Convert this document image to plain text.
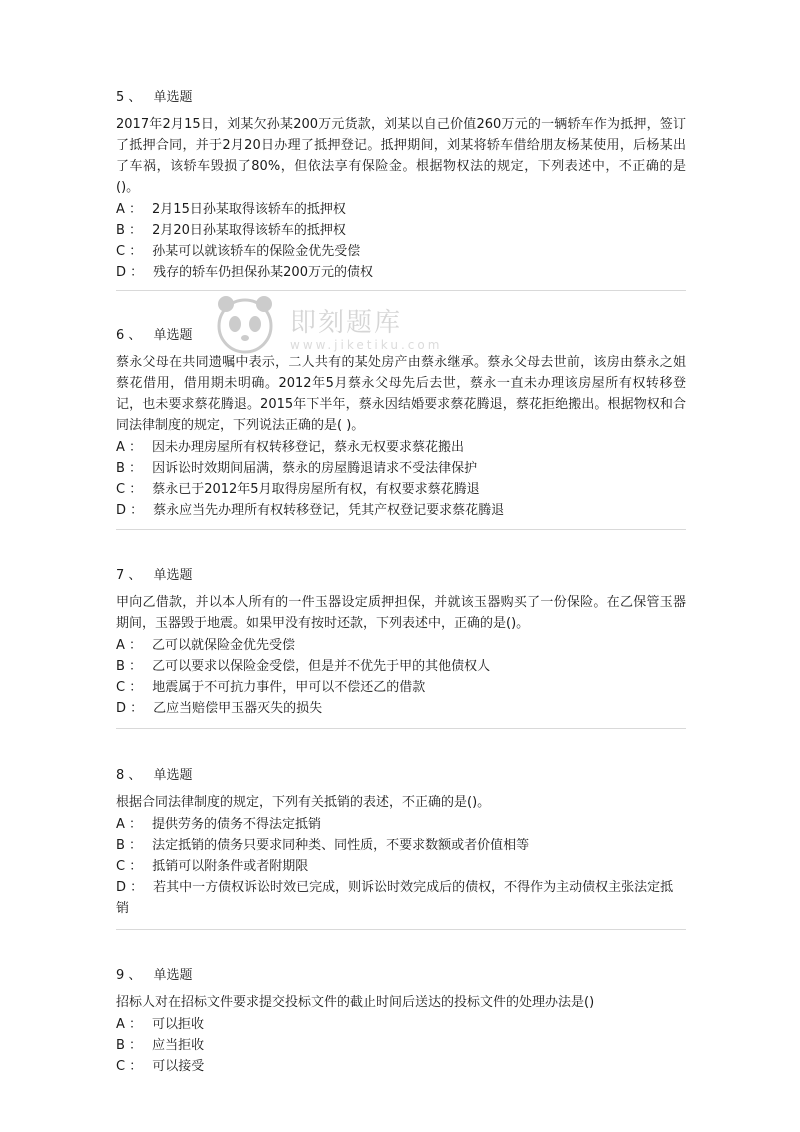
5 、 单选题
2017年2月15日，刘某欠孙某200万元货款，刘某以自己价值260万元的一辆轿车作为抵押，签订了抵押合同，并于2月20日办理了抵押登记。抵押期间，刘某将轿车借给朋友杨某使用，后杨某出了车祸，该轿车毁损了80%，但依法享有保险金。根据物权法的规定，下列表述中，不正确的是()。
A ： 2月15日孙某取得该轿车的抵押权
B ： 2月20日孙某取得该轿车的抵押权
C ： 孙某可以就该轿车的保险金优先受偿
D ： 残存的轿车仍担保孙某200万元的债权
即刻题库
www.jiketiku.com
6 、 单选题
蔡永父母在共同遗嘱中表示，二人共有的某处房产由蔡永继承。蔡永父母去世前，该房由蔡永之姐蔡花借用，借用期未明确。2012年5月蔡永父母先后去世，蔡永一直未办理该房屋所有权转移登记，也未要求蔡花腾退。2015年下半年，蔡永因结婚要求蔡花腾退，蔡花拒绝搬出。根据物权和合同法律制度的规定，下列说法正确的是( )。
A ： 因未办理房屋所有权转移登记，蔡永无权要求蔡花搬出
B ： 因诉讼时效期间届满，蔡永的房屋腾退请求不受法律保护
C ： 蔡永已于2012年5月取得房屋所有权，有权要求蔡花腾退
D ： 蔡永应当先办理所有权转移登记，凭其产权登记要求蔡花腾退
7 、 单选题
甲向乙借款，并以本人所有的一件玉器设定质押担保，并就该玉器购买了一份保险。在乙保管玉器期间，玉器毁于地震。如果甲没有按时还款，下列表述中，正确的是()。
A ： 乙可以就保险金优先受偿
B ： 乙可以要求以保险金受偿，但是并不优先于甲的其他债权人
C ： 地震属于不可抗力事件，甲可以不偿还乙的借款
D ： 乙应当赔偿甲玉器灭失的损失
8 、 单选题
根据合同法律制度的规定，下列有关抵销的表述，不正确的是()。
A ： 提供劳务的债务不得法定抵销
B ： 法定抵销的债务只要求同种类、同性质，不要求数额或者价值相等
C ： 抵销可以附条件或者附期限
D ： 若其中一方债权诉讼时效已完成，则诉讼时效完成后的债权，不得作为主动债权主张法定抵销
9 、 单选题
招标人对在招标文件要求提交投标文件的截止时间后送达的投标文件的处理办法是()
A ： 可以拒收
B ： 应当拒收
C ： 可以接受
